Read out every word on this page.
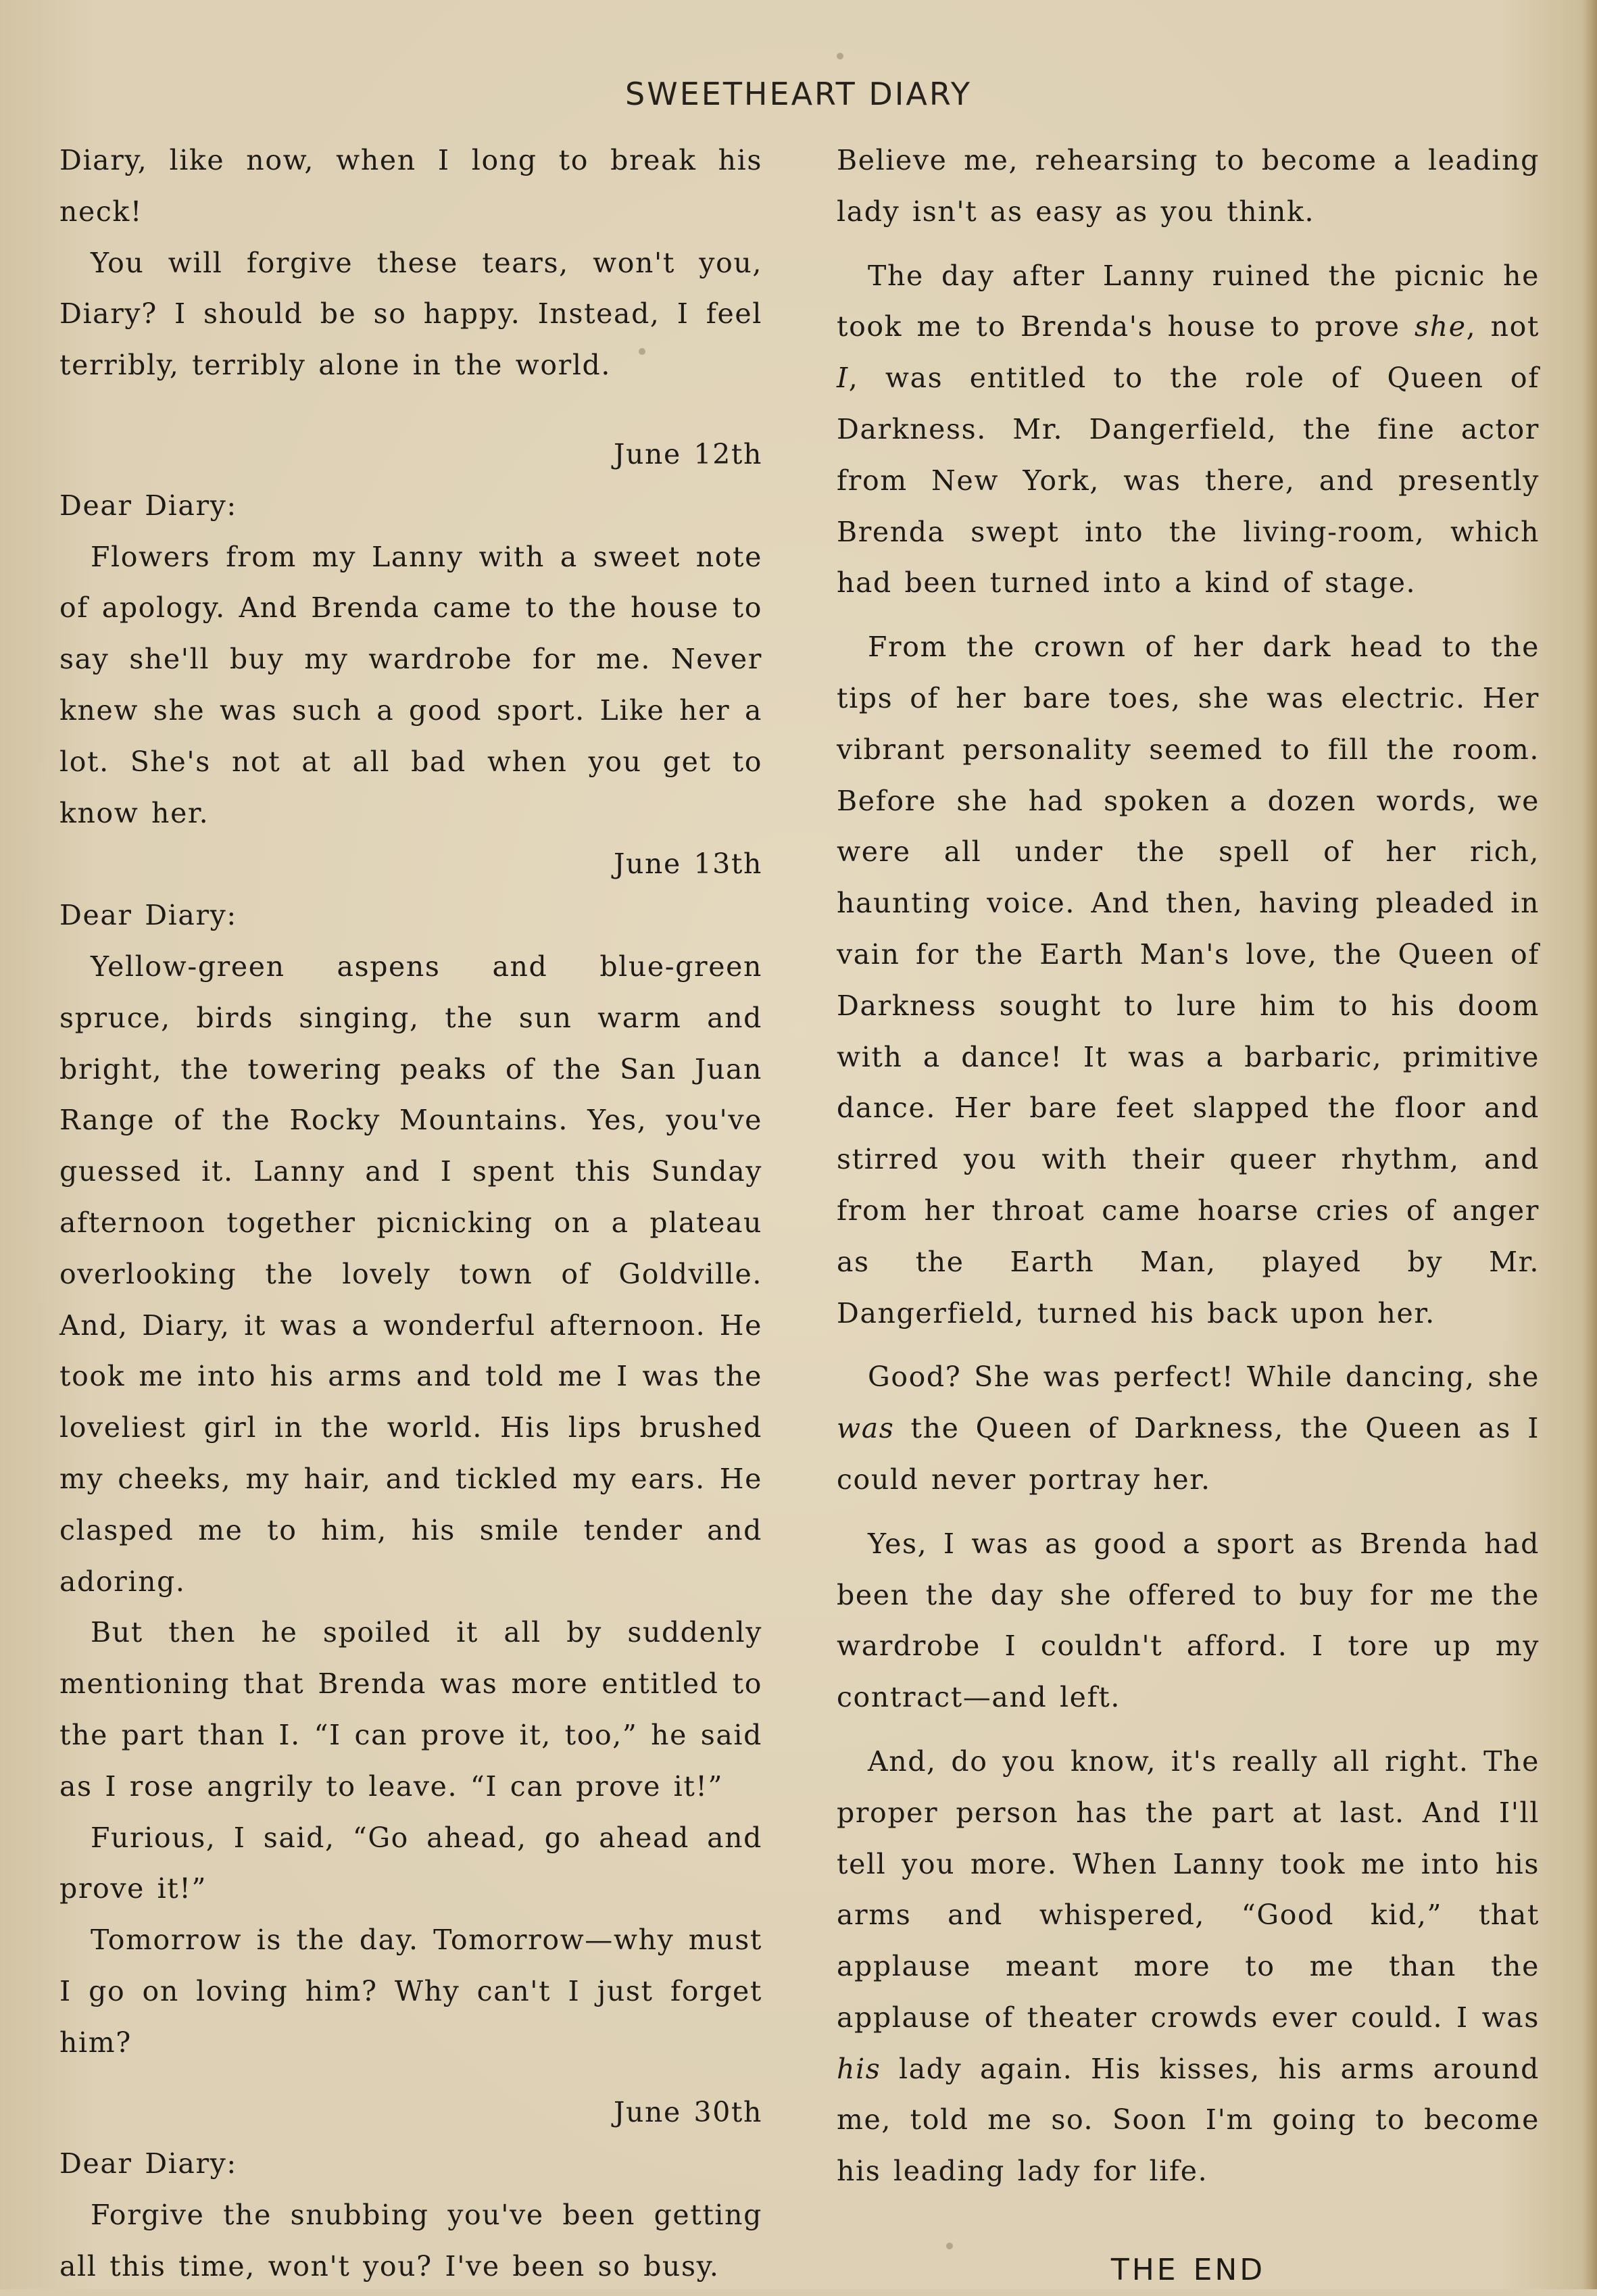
SWEETHEART DIARY

Diary, like now, when I long to break his neck!

You will forgive these tears, won't you, Diary? I should be so happy. Instead, I feel terribly, terribly alone in the world.

June 12th

Dear Diary:

Flowers from my Lanny with a sweet note of apology. And Brenda came to the house to say she'll buy my wardrobe for me. Never knew she was such a good sport. Like her a lot. She's not at all bad when you get to know her.

June 13th

Dear Diary:

Yellow-green aspens and blue-green spruce, birds singing, the sun warm and bright, the towering peaks of the San Juan Range of the Rocky Mountains. Yes, you've guessed it. Lanny and I spent this Sunday afternoon together picnicking on a plateau overlooking the lovely town of Goldville. And, Diary, it was a wonderful afternoon. He took me into his arms and told me I was the loveliest girl in the world. His lips brushed my cheeks, my hair, and tickled my ears. He clasped me to him, his smile tender and adoring.

But then he spoiled it all by suddenly mentioning that Brenda was more entitled to the part than I. “I can prove it, too,” he said as I rose angrily to leave. “I can prove it!”

Furious, I said, “Go ahead, go ahead and prove it!”

Tomorrow is the day. Tomorrow—why must I go on loving him? Why can't I just forget him?

June 30th

Dear Diary:

Forgive the snubbing you've been getting all this time, won't you? I've been so busy.

Believe me, rehearsing to become a leading lady isn't as easy as you think.

The day after Lanny ruined the picnic he took me to Brenda's house to prove she, not I, was entitled to the role of Queen of Darkness. Mr. Dangerfield, the fine actor from New York, was there, and presently Brenda swept into the living-room, which had been turned into a kind of stage.

From the crown of her dark head to the tips of her bare toes, she was electric. Her vibrant personality seemed to fill the room. Before she had spoken a dozen words, we were all under the spell of her rich, haunting voice. And then, having pleaded in vain for the Earth Man's love, the Queen of Darkness sought to lure him to his doom with a dance! It was a barbaric, primitive dance. Her bare feet slapped the floor and stirred you with their queer rhythm, and from her throat came hoarse cries of anger as the Earth Man, played by Mr. Dangerfield, turned his back upon her.

Good? She was perfect! While dancing, she was the Queen of Darkness, the Queen as I could never portray her.

Yes, I was as good a sport as Brenda had been the day she offered to buy for me the wardrobe I couldn't afford. I tore up my contract—and left.

And, do you know, it's really all right. The proper person has the part at last. And I'll tell you more. When Lanny took me into his arms and whispered, “Good kid,” that applause meant more to me than the applause of theater crowds ever could. I was his lady again. His kisses, his arms around me, told me so. Soon I'm going to become his leading lady for life.

THE END
